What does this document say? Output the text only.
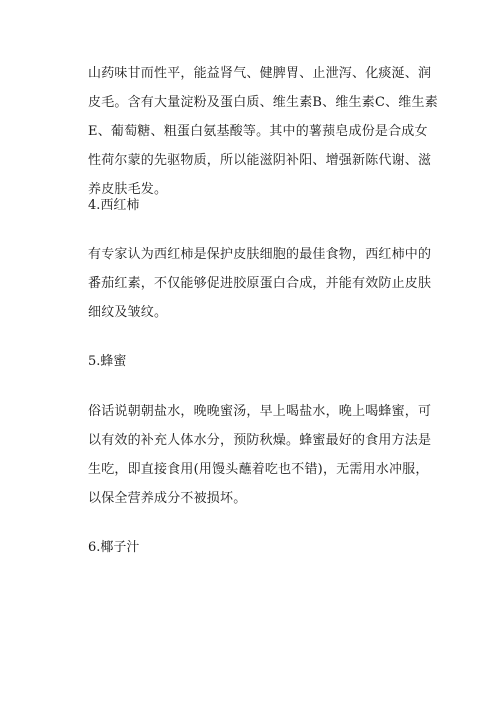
山药味甘而性平，能益肾气、健脾胃、止泄泻、化痰涎、润皮毛。含有大量淀粉及蛋白质、维生素B、维生素C、维生素E、葡萄糖、粗蛋白氨基酸等。其中的薯蓣皂成份是合成女性荷尔蒙的先驱物质，所以能滋阴补阳、增强新陈代谢、滋养皮肤毛发。

4.西红柿

有专家认为西红柿是保护皮肤细胞的最佳食物，西红柿中的番茄红素，不仅能够促进胶原蛋白合成，并能有效防止皮肤细纹及皱纹。

5.蜂蜜

俗话说朝朝盐水，晚晚蜜汤，早上喝盐水，晚上喝蜂蜜，可以有效的补充人体水分，预防秋燥。蜂蜜最好的食用方法是生吃，即直接食用(用馒头蘸着吃也不错)，无需用水冲服，以保全营养成分不被损坏。

6.椰子汁
